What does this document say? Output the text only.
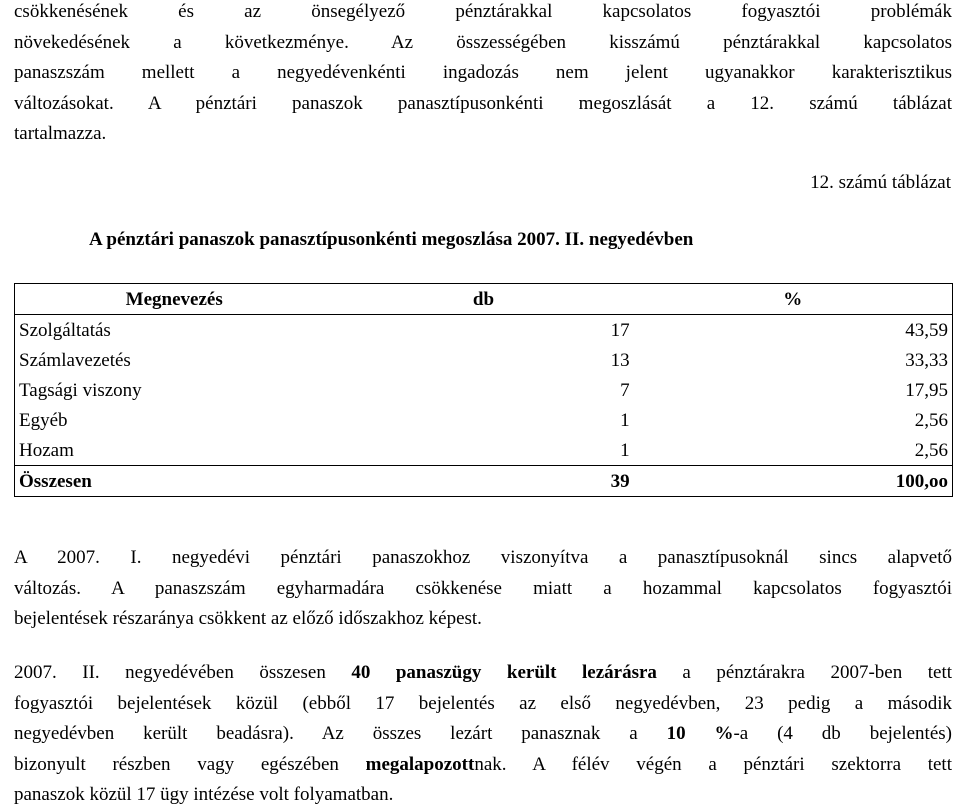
csökkenésének és az önsegélyező pénztárakkal kapcsolatos fogyasztói problémák
növekedésének a következménye. Az összességében kisszámú pénztárakkal kapcsolatos
panaszszám mellett a negyedévenkénti ingadozás nem jelent ugyanakkor karakterisztikus
változásokat. A pénztári panaszok panasztípusonkénti megoszlását a 12. számú táblázat
tartalmazza.

12. számú táblázat
A pénztári panaszok panasztípusonkénti megoszlása 2007. II. negyedévben
Megnevezés	db	%
Szolgáltatás	17	43,59
Számlavezetés	13	33,33
Tagsági viszony	7	17,95
Egyéb	1	2,56
Hozam	1	2,56
Összesen	39	100,oo

A 2007. I. negyedévi pénztári panaszokhoz viszonyítva a panasztípusoknál sincs alapvető
változás. A panaszszám egyharmadára csökkenése miatt a hozammal kapcsolatos fogyasztói
bejelentések részaránya csökkent az előző időszakhoz képest.

2007. II. negyedévében összesen 40 panaszügy került lezárásra a pénztárakra 2007-ben tett
fogyasztói bejelentések közül (ebből 17 bejelentés az első negyedévben, 23 pedig a második
negyedévben került beadásra). Az összes lezárt panasznak a 10 %-a (4 db bejelentés)
bizonyult részben vagy egészében megalapozottnak. A félév végén a pénztári szektorra tett
panaszok közül 17 ügy intézése volt folyamatban.
